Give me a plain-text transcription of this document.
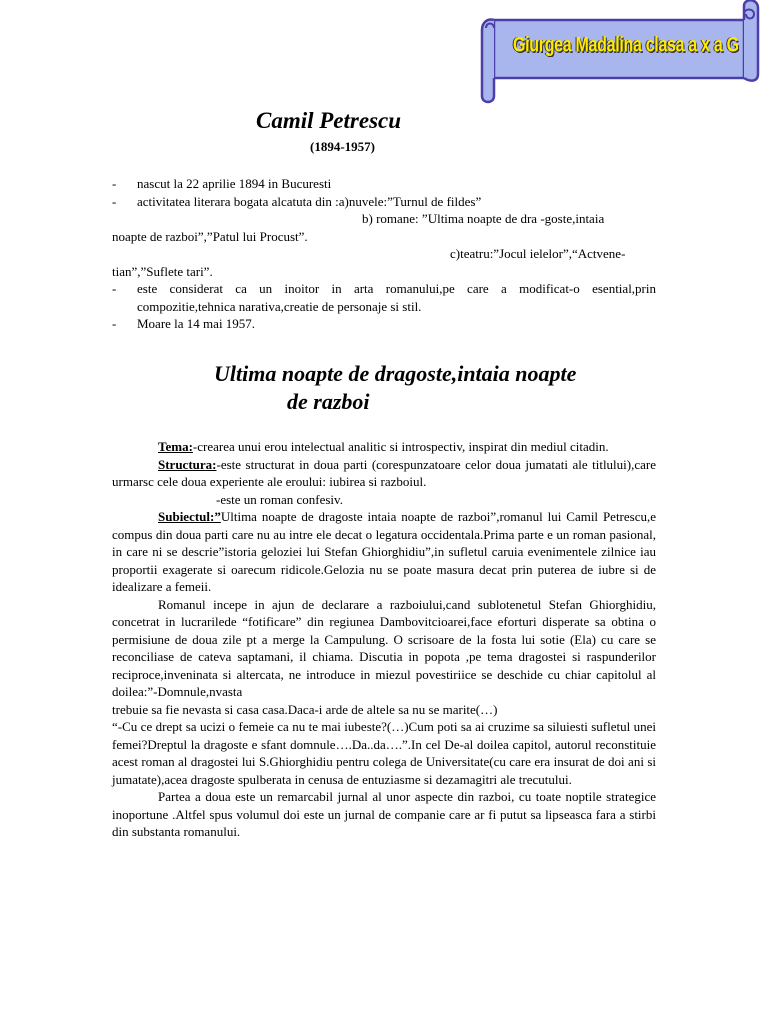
Giurgea Madalina clasa a x a G
Camil Petrescu
(1894-1957)
- nascut la 22 aprilie 1894 in Bucuresti
- activitatea literara bogata alcatuta din :a)nuvele:”Turnul de fildes”
b) romane: ”Ultima noapte de dra -goste,intaia
noapte de razboi”,”Patul lui Procust”.
c)teatru:”Jocul ielelor”,“Actvene-
tian”,”Suflete tari”.
- este considerat ca un inoitor in arta romanului,pe care a modificat-o esential,prin compozitie,tehnica narativa,creatie de personaje si stil.
- Moare la 14 mai 1957.
Ultima noapte de dragoste,intaia noapte
de razboi

Tema:-crearea unui erou intelectual analitic si introspectiv, inspirat din mediul citadin.

Structura:-este structurat in doua parti (corespunzatoare celor doua jumatati ale titlului),care urmarsc cele doua experiente ale eroului: iubirea si razboiul.

-este un roman confesiv.

Subiectul:”Ultima noapte de dragoste intaia noapte de razboi”,romanul lui Camil Petrescu,e compus din doua parti care nu au intre ele decat o legatura occidentala.Prima parte e un roman pasional, in care ni se descrie”istoria geloziei lui Stefan Ghiorghidiu”,in sufletul caruia evenimentele zilnice iau proportii exagerate si oarecum ridicole.Gelozia nu se poate masura decat prin puterea de iubre si de idealizare a femeii.

Romanul incepe in ajun de declarare a razboiului,cand sublotenetul Stefan Ghiorghidiu, concetrat in lucrarilede “fotificare” din regiunea Dambovitcioarei,face eforturi disperate sa obtina o permisiune de doua zile pt a merge la Campulung. O scrisoare de la fosta lui sotie (Ela) cu care se reconciliase de cateva saptamani, il chiama. Discutia in popota ,pe tema dragostei si raspunderilor reciproce,inveninata si altercata, ne introduce in miezul povestiriice se deschide cu chiar capitolul al doilea:”-Domnule,nvasta

trebuie sa fie nevasta si casa casa.Daca-i arde de altele sa nu se marite(…)

“-Cu ce drept sa ucizi o femeie ca nu te mai iubeste?(…)Cum poti sa ai cruzime sa siluiesti sufletul unei femei?Dreptul la dragoste e sfant domnule….Da..da….”.In cel De-al doilea capitol, autorul reconstituie acest roman al dragostei lui S.Ghiorghidiu pentru colega de Universitate(cu care era insurat de doi ani si jumatate),acea dragoste spulberata in cenusa de entuziasme si dezamagitri ale trecutului.

Partea a doua este un remarcabil jurnal al unor aspecte din razboi, cu toate noptile strategice inoportune .Altfel spus volumul doi este un jurnal de companie care ar fi putut sa lipseasca fara a stirbi din substanta romanului.
